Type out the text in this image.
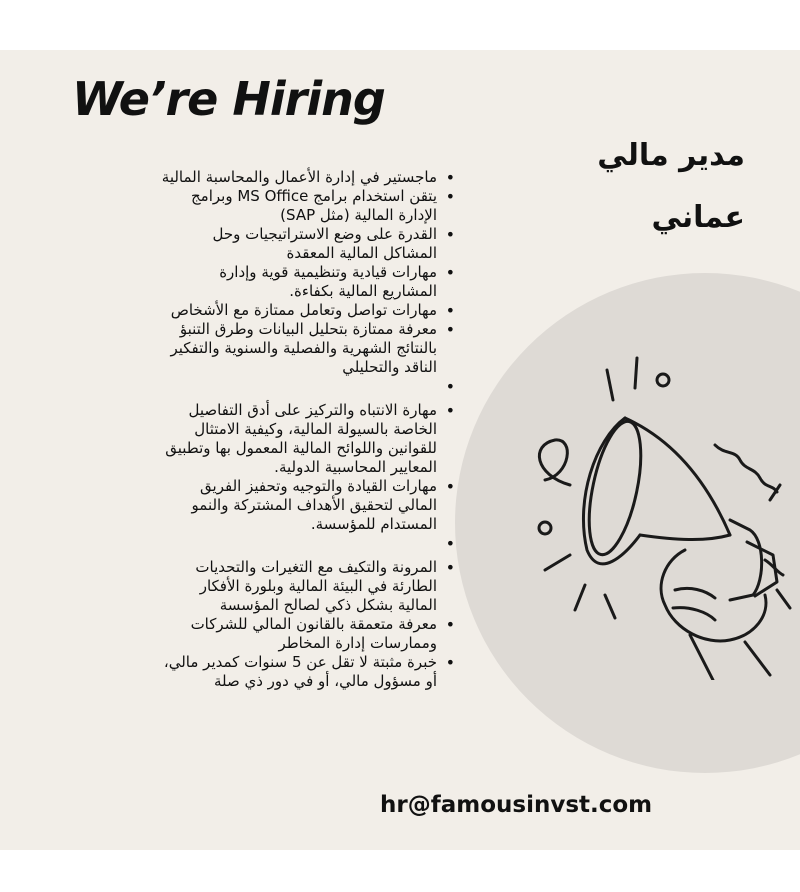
We’re Hiring
مدير مالي
عماني
• ماجستير في إدارة الأعمال والمحاسبة المالية
• يتقن استخدام برامج MS Office وبرامج الإدارة المالية (مثل SAP)
• القدرة على وضع الاستراتيجيات وحل المشاكل المالية المعقدة
• مهارات قيادية وتنظيمية قوية وإدارة المشاريع المالية بكفاءة.
• مهارات تواصل وتعامل ممتازة مع الأشخاص
• معرفة ممتازة بتحليل البيانات وطرق التنبؤ بالنتائج الشهرية والفصلية والسنوية والتفكير الناقد والتحليلي
•
• مهارة الانتباه والتركيز على أدق التفاصيل الخاصة بالسيولة المالية، وكيفية الامتثال للقوانين واللوائح المالية المعمول بها وتطبيق المعايير المحاسبية الدولية.
• مهارات القيادة والتوجيه وتحفيز الفريق المالي لتحقيق الأهداف المشتركة والنمو المستدام للمؤسسة.
•
• المرونة والتكيف مع التغيرات والتحديات الطارئة في البيئة المالية وبلورة الأفكار المالية بشكل ذكي لصالح المؤسسة
• معرفة متعمقة بالقانون المالي للشركات وممارسات إدارة المخاطر
• خبرة مثبتة لا تقل عن 5 سنوات كمدير مالي، أو مسؤول مالي، أو في دور ذي صلة
hr@famousinvst.com
